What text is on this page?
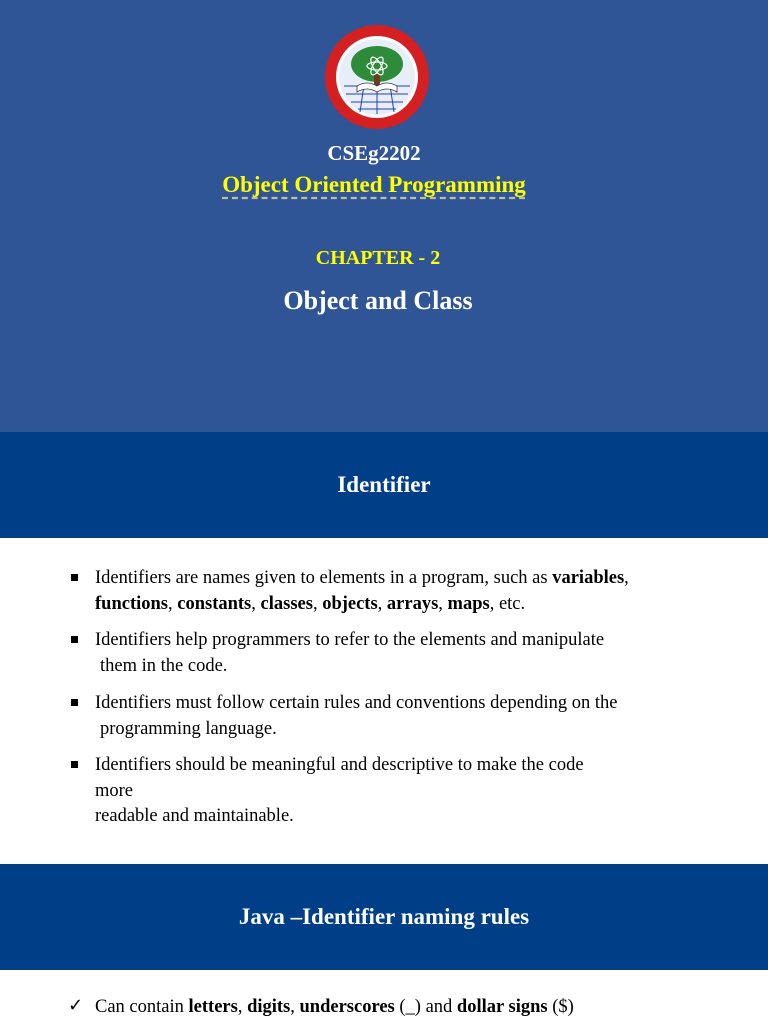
CSEg2202
Object Oriented Programming
CHAPTER - 2
Object and Class
Identifier
Identifiers are names given to elements in a program, such as variables,
functions, constants, classes, objects, arrays, maps, etc.
Identifiers help programmers to refer to the elements and manipulate
them in the code.
Identifiers must follow certain rules and conventions depending on the
programming language.
Identifiers should be meaningful and descriptive to make the code
more
readable and maintainable.
Java –Identifier naming rules
✓ Can contain letters, digits, underscores (_) and dollar signs ($)
